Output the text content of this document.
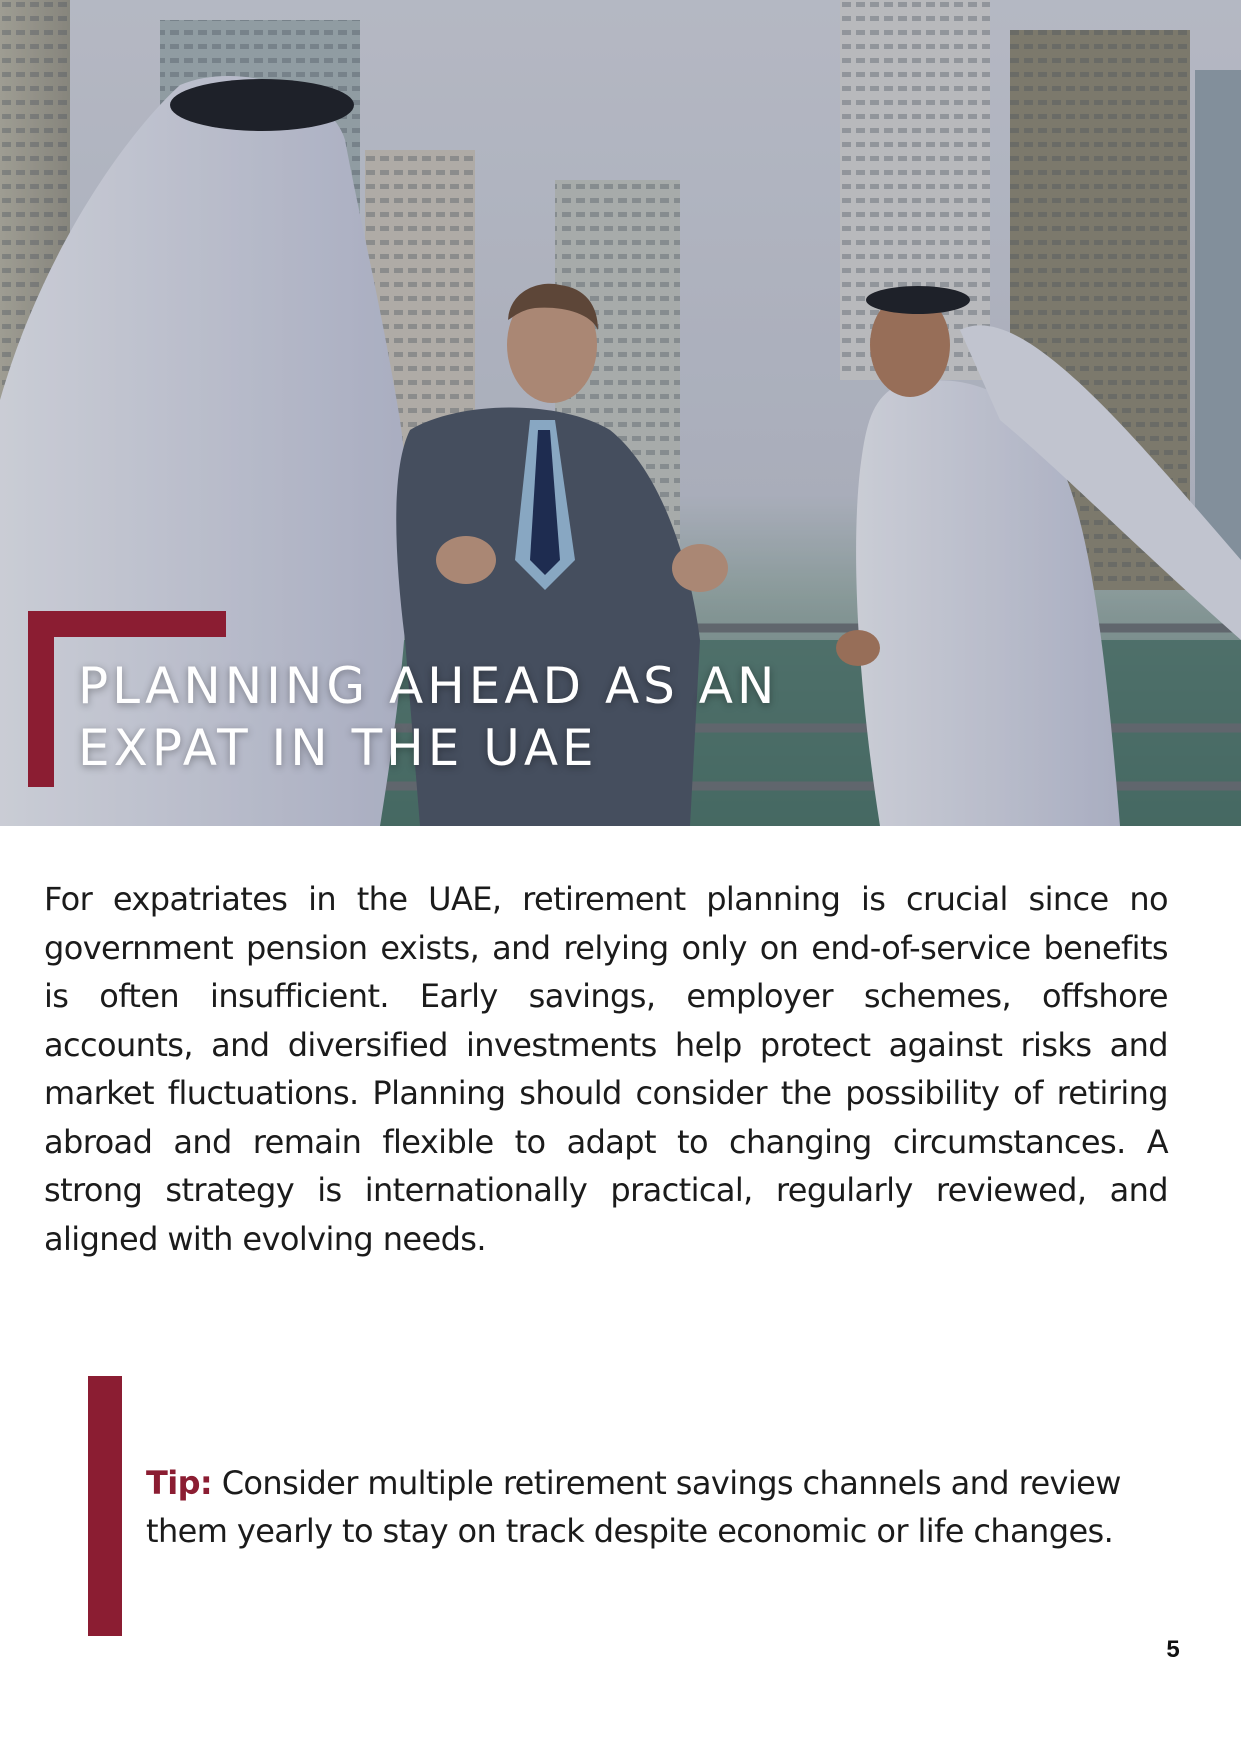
PLANNING AHEAD AS AN EXPAT IN THE UAE

For expatriates in the UAE, retirement planning is crucial since no government pension exists, and relying only on end-of-service benefits is often insufficient. Early savings, employer schemes, offshore accounts, and diversified investments help protect against risks and market fluctuations. Planning should consider the possibility of retiring abroad and remain flexible to adapt to changing circumstances. A strong strategy is internationally practical, regularly reviewed, and aligned with evolving needs.

Tip: Consider multiple retirement savings channels and review them yearly to stay on track despite economic or life changes.

5
